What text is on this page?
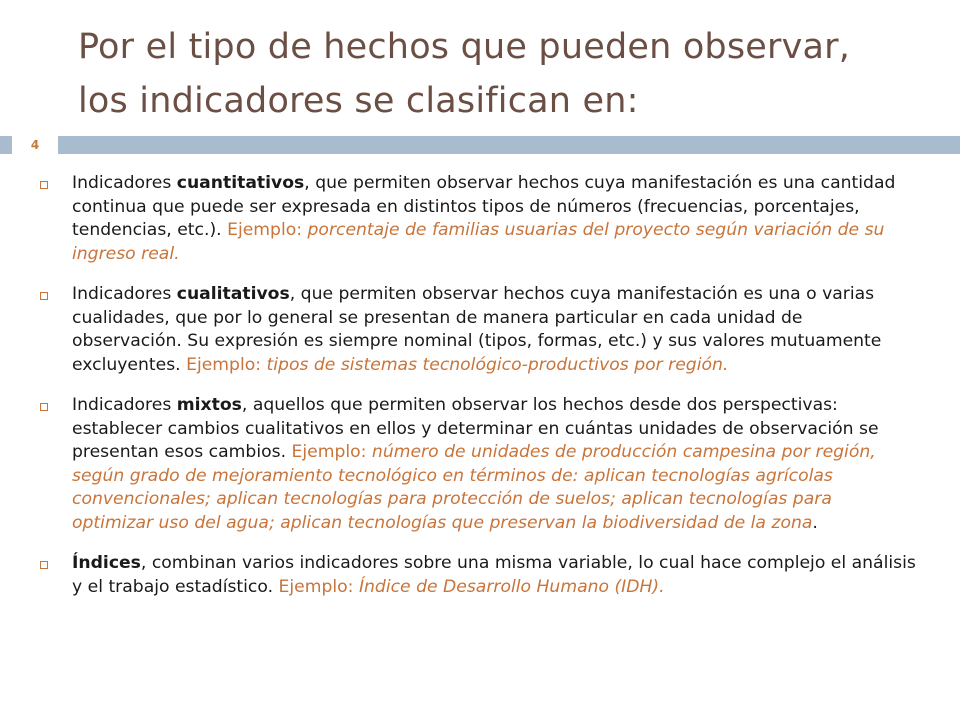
Por el tipo de hechos que pueden observar,
los indicadores se clasifican en:
4
Indicadores cuantitativos, que permiten observar hechos cuya manifestación es una cantidad continua que puede ser expresada en distintos tipos de números (frecuencias, porcentajes, tendencias, etc.). Ejemplo: porcentaje de familias usuarias del proyecto según variación de su ingreso real.
Indicadores cualitativos, que permiten observar hechos cuya manifestación es una o varias cualidades, que por lo general se presentan de manera particular en cada unidad de observación. Su expresión es siempre nominal (tipos, formas, etc.) y sus valores mutuamente excluyentes. Ejemplo: tipos de sistemas tecnológico-productivos por región.
Indicadores mixtos, aquellos que permiten observar los hechos desde dos perspectivas: establecer cambios cualitativos en ellos y determinar en cuántas unidades de observación se presentan esos cambios. Ejemplo: número de unidades de producción campesina por región, según grado de mejoramiento tecnológico en términos de: aplican tecnologías agrícolas convencionales; aplican tecnologías para protección de suelos; aplican tecnologías para optimizar uso del agua; aplican tecnologías que preservan la biodiversidad de la zona.
Índices, combinan varios indicadores sobre una misma variable, lo cual hace complejo el análisis y el trabajo estadístico. Ejemplo: Índice de Desarrollo Humano (IDH).
